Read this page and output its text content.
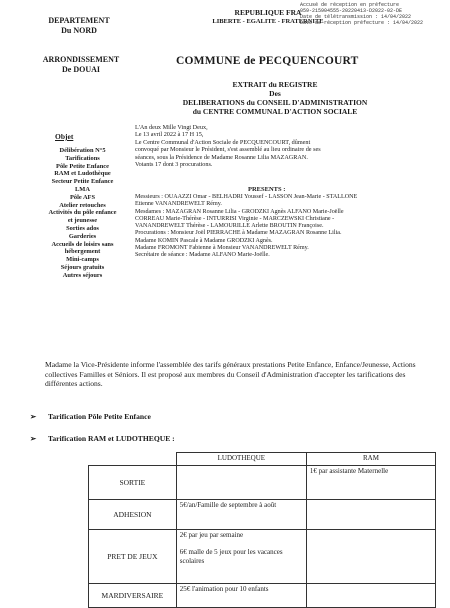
DEPARTEMENT
Du NORD
REPUBLIQUE FRA
LIBERTE - EGALITE - FRATERNITE
Accusé de réception en préfecture
059-215904555-20220413-D2022-02-DE
Date de télétransmission : 14/04/2022
Date de réception préfecture : 14/04/2022
ARRONDISSEMENT
De DOUAI
COMMUNE de PECQUENCOURT
EXTRAIT du REGISTRE
Des
DELIBERATIONS du CONSEIL D'ADMINISTRATION
du CENTRE COMMUNAL D'ACTION SOCIALE
Objet
Délibération N°5
Tarifications
Pôle Petite Enfance
RAM et Ludothèque
Secteur Petite Enfance
LMA
Pôle AFS
Atelier retouches
Activités du pôle enfance
et jeunesse
Sorties ados
Garderies
Accueils de loisirs sans
hébergement
Mini-camps
Séjours gratuits
Autres séjours
L'An deux Mille Vingt Deux,
Le 13 avril 2022 à 17 H 15,
Le Centre Communal d'Action Sociale de PECQUENCOURT, dûment
convoqué par Monsieur le Président, s'est assemblé au lieu ordinaire de ses
séances, sous la Présidence de Madame Rosanne Lilia MAZAGRAN.
Votants 17 dont 3 procurations.
PRESENTS :
Messieurs : OUAAZZI Omar - BELHADRI Youssef - LASSON Jean-Marie - STALLONE
Etienne VANANDREWELT Rémy.
Mesdames : MAZAGRAN Rosanne Lilia - GRODZKI Agnès ALFANO Marie-Joëlle
CORREAU Marie-Thérèse - INTURRISI Virginie - MARCZEWSKI Christiane -
VANANDREWELT Thérèse - LAMOURILLE Arlette BROUTIN Françoise.
Procurations : Monsieur Joël PIERRACHE à Madame MAZAGRAN Rosanne Lilia.
Madame KOMIN Pascale à Madame GRODZKI Agnès.
Madame FROMONT Fabienne à Monsieur VANANDREWELT Rémy.
Secrétaire de séance : Madame ALFANO Marie-Joëlle.
Madame la Vice-Présidente informe l'assemblée des tarifs généraux prestations Petite Enfance, Enfance/Jeunesse, Actions collectives Familles et Séniors. Il est proposé aux membres du Conseil d'Administration d'accepter les tarifications des différentes actions.
➢ Tarification Pôle Petite Enfance
➢ Tarification RAM et LUDOTHEQUE :
	LUDOTHEQUE	RAM
SORTIE		1€ par assistante Maternelle
ADHESION	5€/an/Famille de septembre à août	
PRET DE JEUX	2€ par jeu par semaine

6€ malle de 5 jeux pour les vacances scolaires	
MARDIVERSAIRE	25€ l'animation pour 10 enfants	
